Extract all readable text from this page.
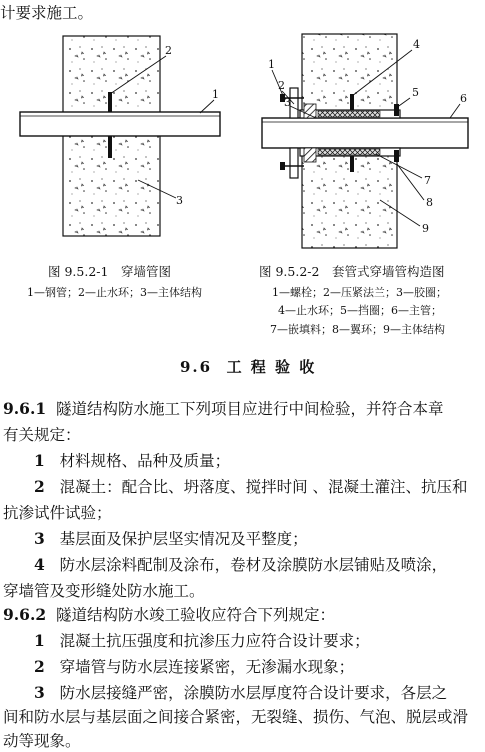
计要求施工。
2
1
3
1
2
3
4
5	6
7
8
9
图 9.5.2-1　穿墙管图
1—钢管；2—止水环；3—主体结构
图 9.5.2-2　套管式穿墙管构造图
1—螺栓；2—压紧法兰；3—胶圈；
4—止水环；5—挡圈；6—主管；
7—嵌填料；8—翼环；9—主体结构
9.6 工 程 验 收
9.6.1 隧道结构防水施工下列项目应进行中间检验，并符合本章
有关规定：
1 材料规格、品种及质量；
2 混凝土：配合比、坍落度、搅拌时间 、混凝土灌注、抗压和
抗渗试件试验；
3 基层面及保护层坚实情况及平整度；
4 防水层涂料配制及涂布，卷材及涂膜防水层铺贴及喷涂，
穿墙管及变形缝处防水施工。
9.6.2 隧道结构防水竣工验收应符合下列规定：
1 混凝土抗压强度和抗渗压力应符合设计要求；
2 穿墙管与防水层连接紧密，无渗漏水现象；
3 防水层接缝严密，涂膜防水层厚度符合设计要求，各层之
间和防水层与基层面之间接合紧密，无裂缝、损伤、气泡、脱层或滑
动等现象。
